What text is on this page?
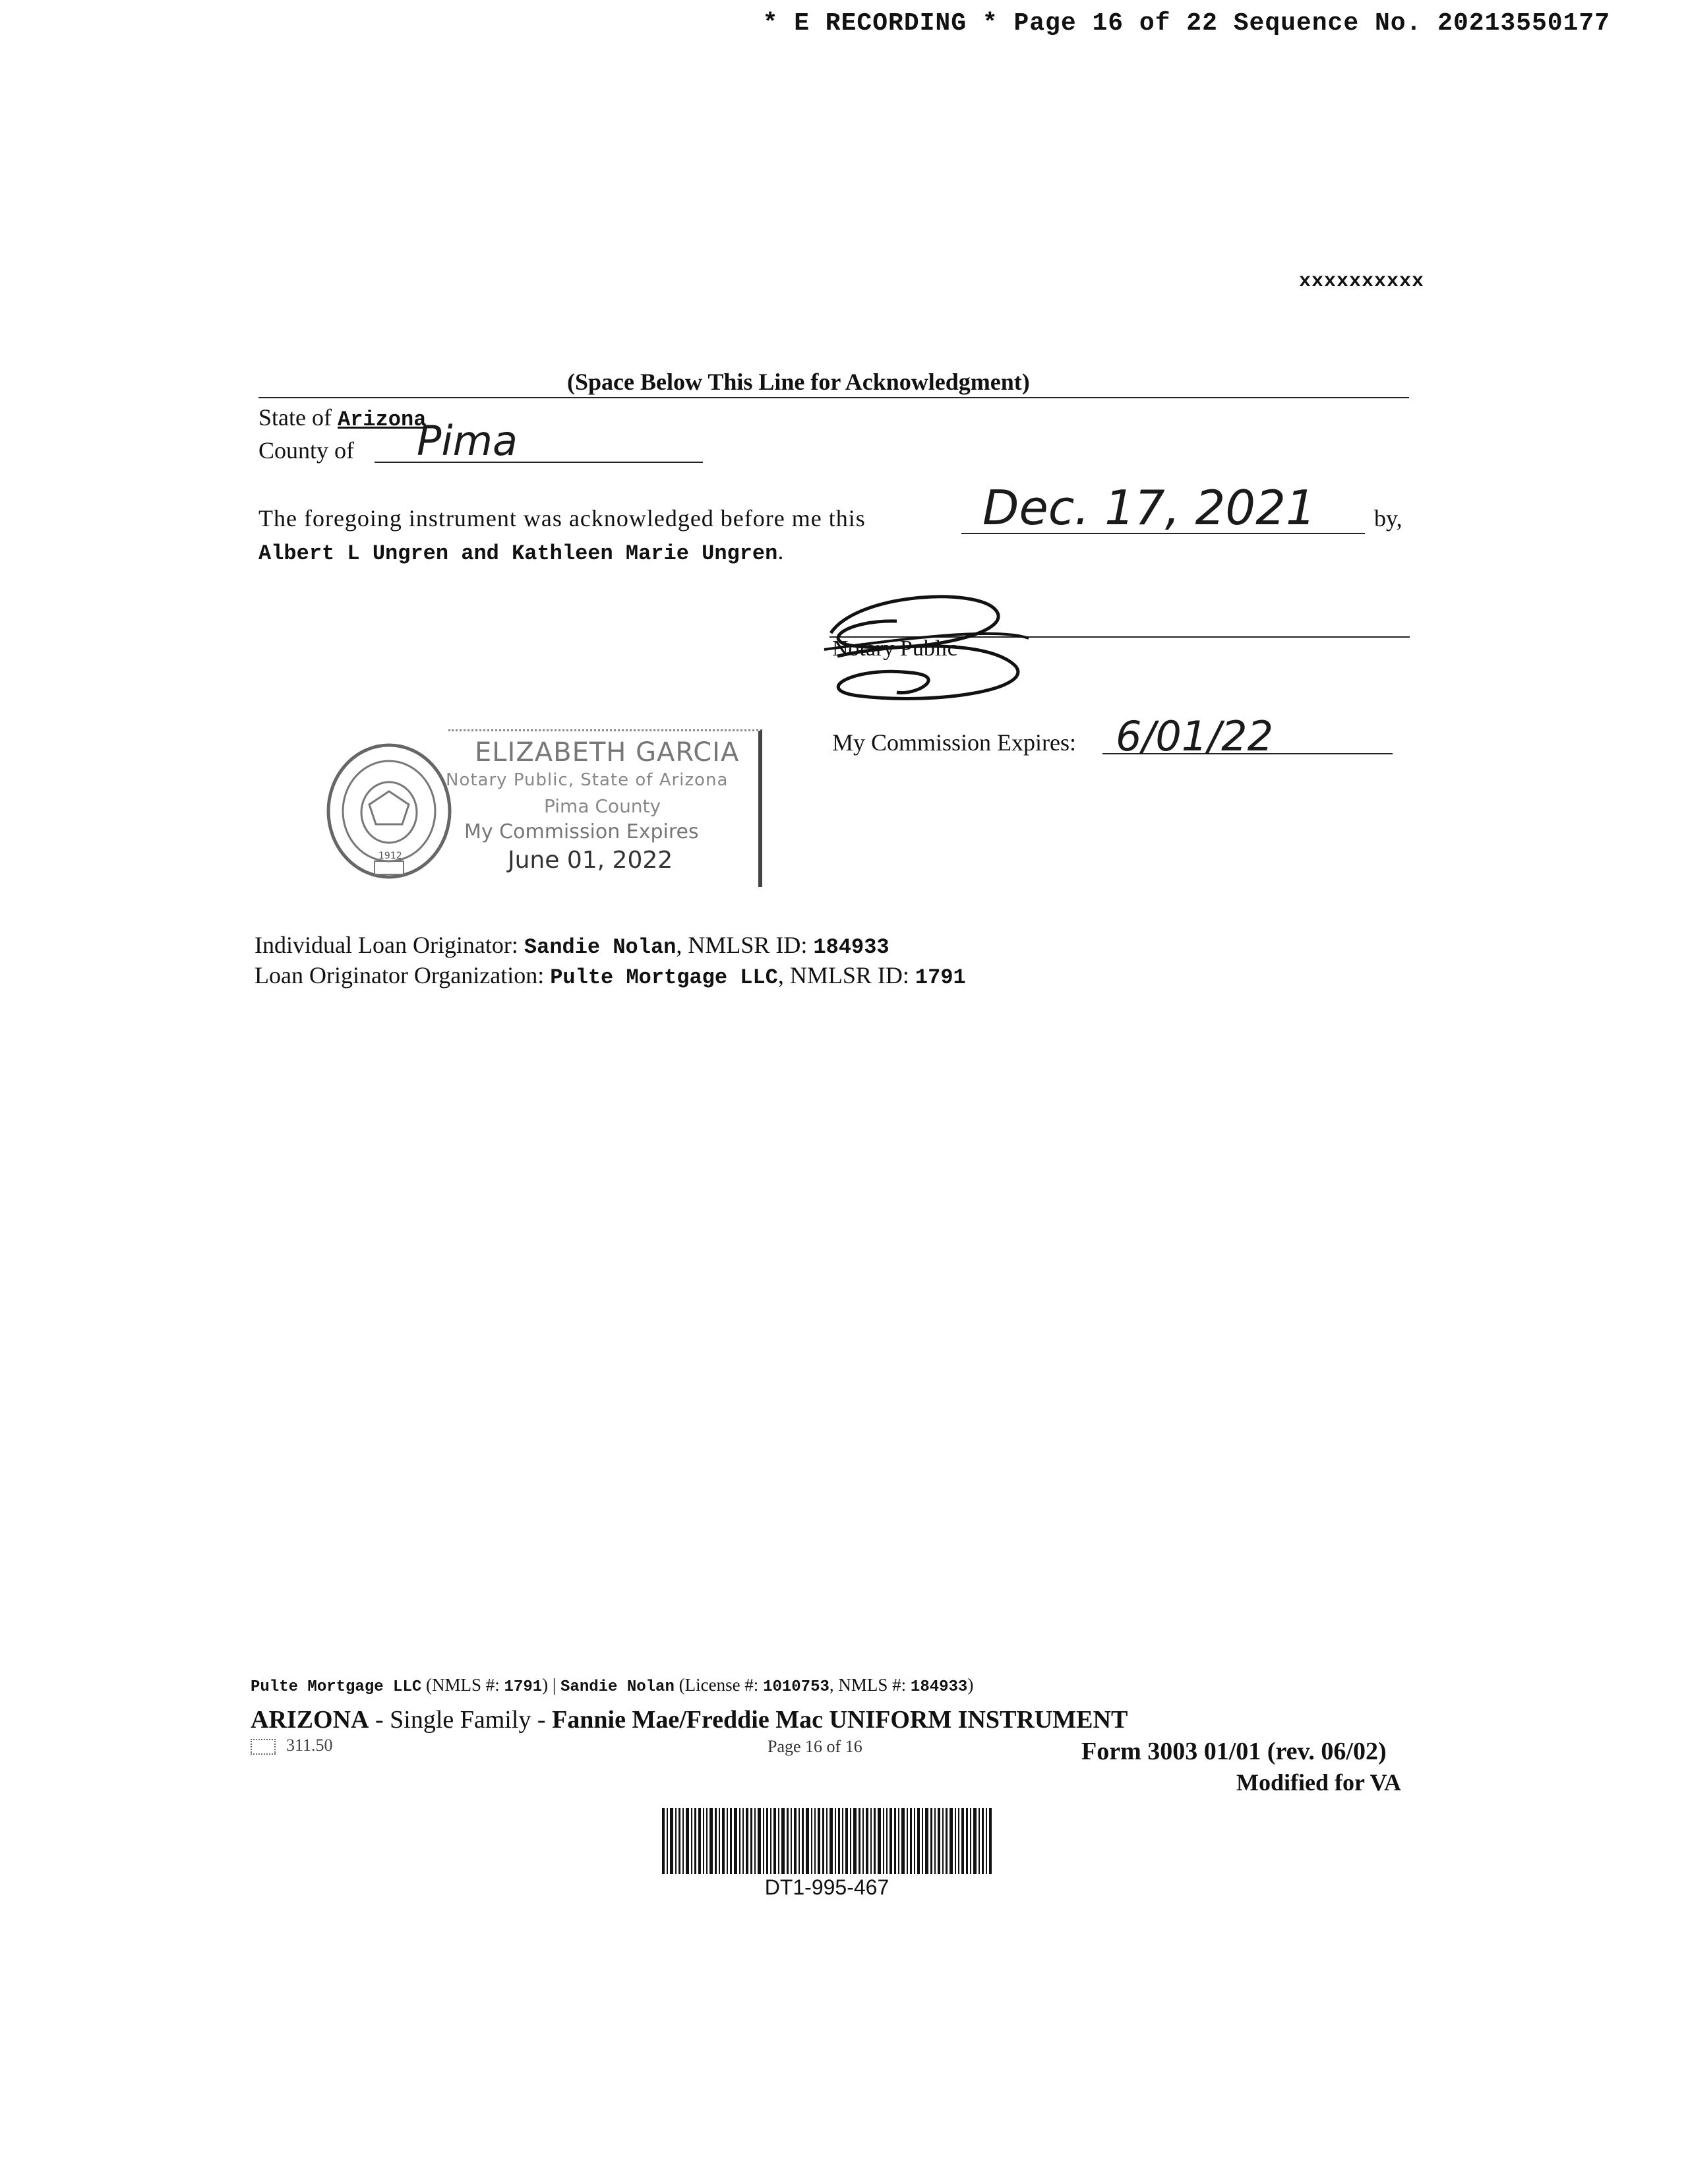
* E RECORDING * Page 16 of 22 Sequence No. 20213550177
xxxxxxxxxx
(Space Below This Line for Acknowledgment)
State of Arizona
County of Pima
The foregoing instrument was acknowledged before me this Dec. 17, 2021 by,
Albert L Ungren and Kathleen Marie Ungren.
Notary Public
My Commission Expires: 6/01/22
1912
ELIZABETH GARCIA
Notary Public, State of Arizona
Pima County
My Commission Expires
June 01, 2022
Individual Loan Originator: Sandie Nolan, NMLSR ID: 184933
Loan Originator Organization: Pulte Mortgage LLC, NMLSR ID: 1791
Pulte Mortgage LLC (NMLS #: 1791) | Sandie Nolan (License #: 1010753, NMLS #: 184933)
ARIZONA - Single Family - Fannie Mae/Freddie Mac UNIFORM INSTRUMENT
311.50	Page 16 of 16	Form 3003 01/01 (rev. 06/02)
Modified for VA
DT1-995-467
